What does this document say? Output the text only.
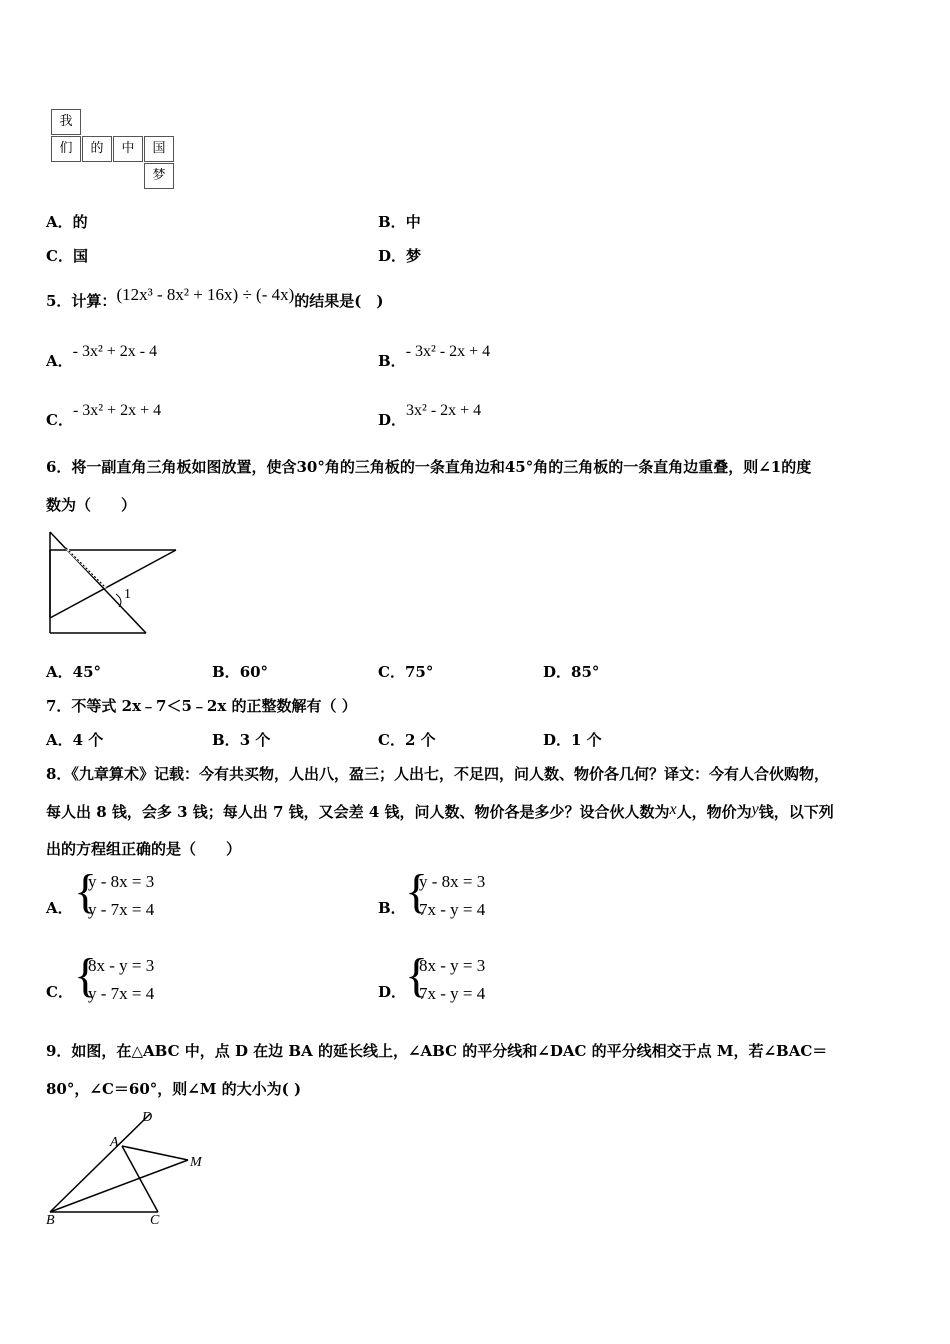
我
们	的	中	国
梦
A．的	B．中
C．国	D．梦
5．计算：(12x³ - 8x² + 16x) ÷ (- 4x)的结果是(　)
A．- 3x² + 2x - 4
B．- 3x² - 2x + 4
C．- 3x² + 2x + 4
D．3x² - 2x + 4
6．将一副直角三角板如图放置，使含30°角的三角板的一条直角边和45°角的三角板的一条直角边重叠，则∠1的度
数为（　　）
1
A．45°	B．60°	C．75°	D．85°
7．不等式 2x﹣7＜5﹣2x 的正整数解有（ ）
A．4 个	B．3 个	C．2 个	D．1 个
8．《九章算术》记载：今有共买物，人出八，盈三；人出七，不足四，问人数、物价各几何？译文：今有人合伙购物，
每人出 8 钱，会多 3 钱；每人出 7 钱，又会差 4 钱，问人数、物价各是多少？设合伙人数为x人，物价为y钱，以下列
出的方程组正确的是（　　）
A． {
y - 8x = 3
y - 7x = 4	B． {
y - 8x = 3
7x - y = 4
C． {
8x - y = 3
y - 7x = 4	D．
{
8x - y = 3
7x - y = 4
9．如图，在△ABC 中，点 D 在边 BA 的延长线上，∠ABC 的平分线和∠DAC 的平分线相交于点 M，若∠BAC＝
80°，∠C＝60°，则∠M 的大小为( )
D
A
M
B	C
